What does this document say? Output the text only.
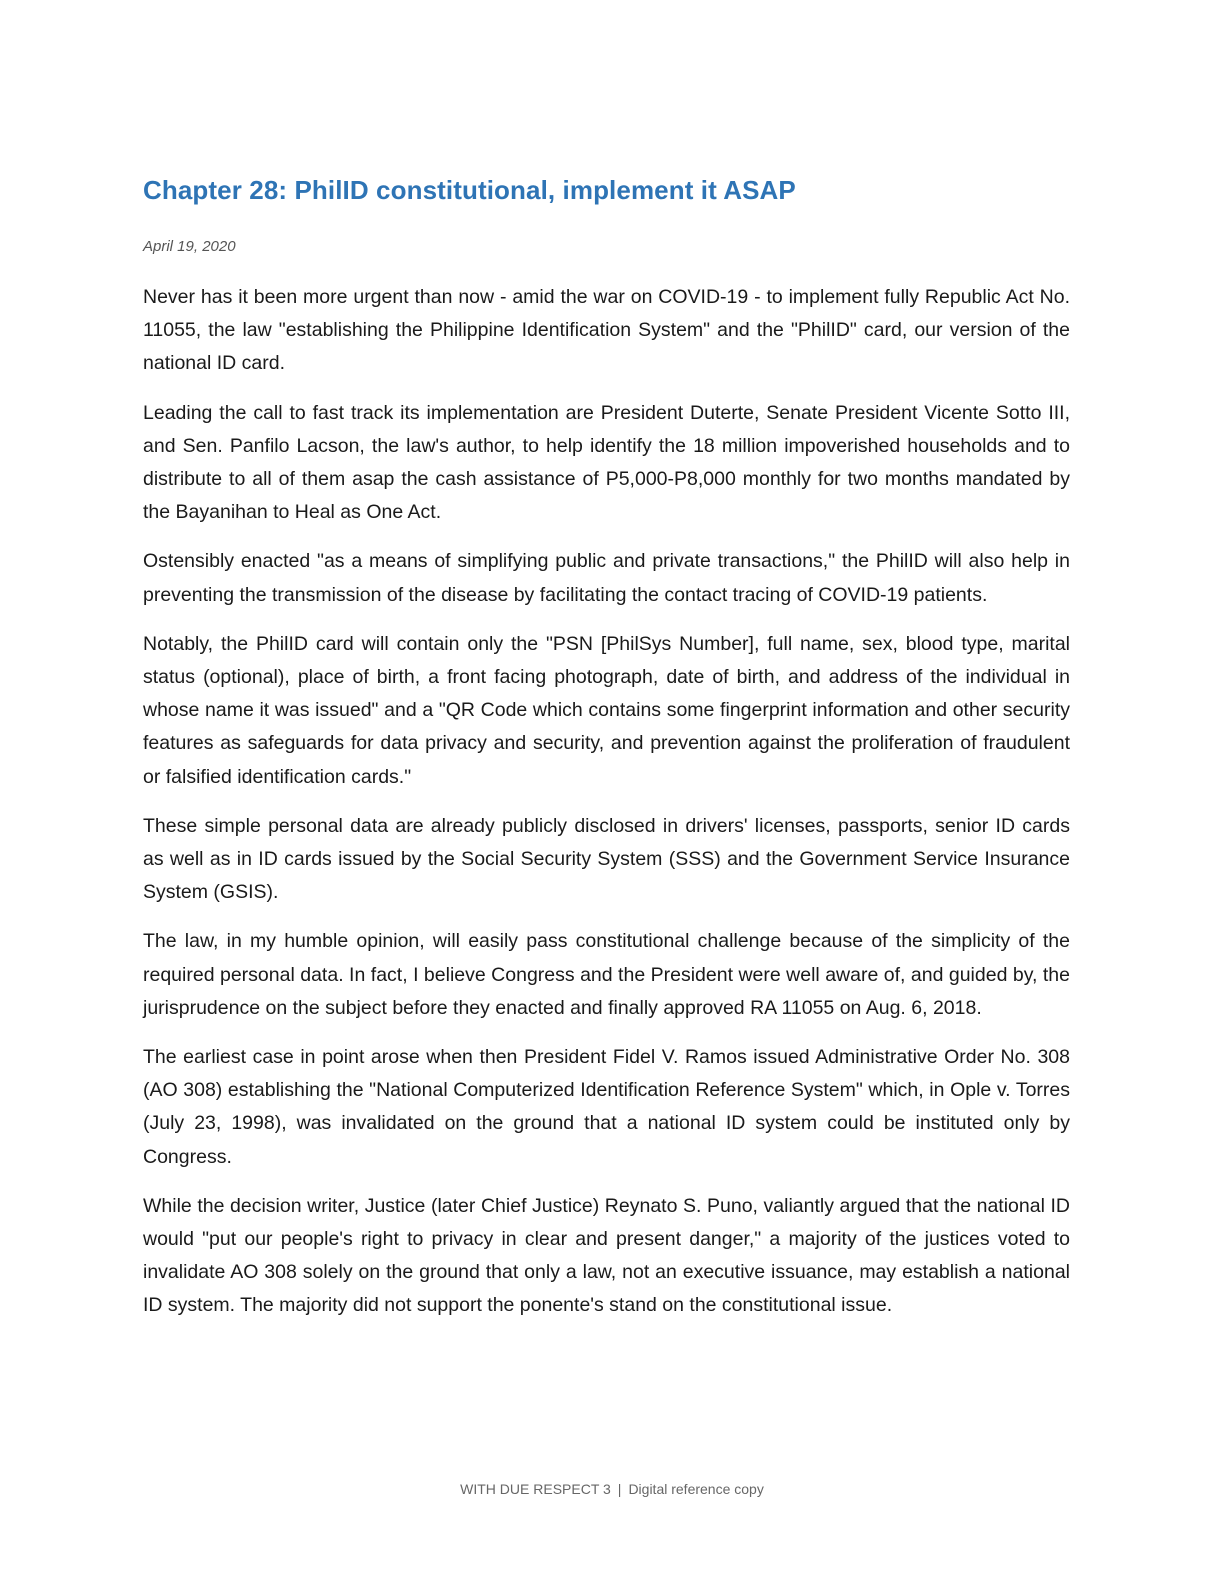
Chapter 28: PhilID constitutional, implement it ASAP
April 19, 2020

Never has it been more urgent than now - amid the war on COVID-19 - to implement fully Republic Act No. 11055, the law "establishing the Philippine Identification System" and the "PhilID" card, our version of the national ID card.

Leading the call to fast track its implementation are President Duterte, Senate President Vicente Sotto III, and Sen. Panfilo Lacson, the law's author, to help identify the 18 million impoverished households and to distribute to all of them asap the cash assistance of P5,000-P8,000 monthly for two months mandated by the Bayanihan to Heal as One Act.

Ostensibly enacted "as a means of simplifying public and private transactions," the PhilID will also help in preventing the transmission of the disease by facilitating the contact tracing of COVID-19 patients.

Notably, the PhilID card will contain only the "PSN [PhilSys Number], full name, sex, blood type, marital status (optional), place of birth, a front facing photograph, date of birth, and address of the individual in whose name it was issued" and a "QR Code which contains some fingerprint information and other security features as safeguards for data privacy and security, and prevention against the proliferation of fraudulent or falsified identification cards."

These simple personal data are already publicly disclosed in drivers' licenses, passports, senior ID cards as well as in ID cards issued by the Social Security System (SSS) and the Government Service Insurance System (GSIS).

The law, in my humble opinion, will easily pass constitutional challenge because of the simplicity of the required personal data. In fact, I believe Congress and the President were well aware of, and guided by, the jurisprudence on the subject before they enacted and finally approved RA 11055 on Aug. 6, 2018.

The earliest case in point arose when then President Fidel V. Ramos issued Administrative Order No. 308 (AO 308) establishing the "National Computerized Identification Reference System" which, in Ople v. Torres (July 23, 1998), was invalidated on the ground that a national ID system could be instituted only by Congress.

While the decision writer, Justice (later Chief Justice) Reynato S. Puno, valiantly argued that the national ID would "put our people's right to privacy in clear and present danger," a majority of the justices voted to invalidate AO 308 solely on the ground that only a law, not an executive issuance, may establish a national ID system. The majority did not support the ponente's stand on the constitutional issue.

WITH DUE RESPECT 3 | Digital reference copy
